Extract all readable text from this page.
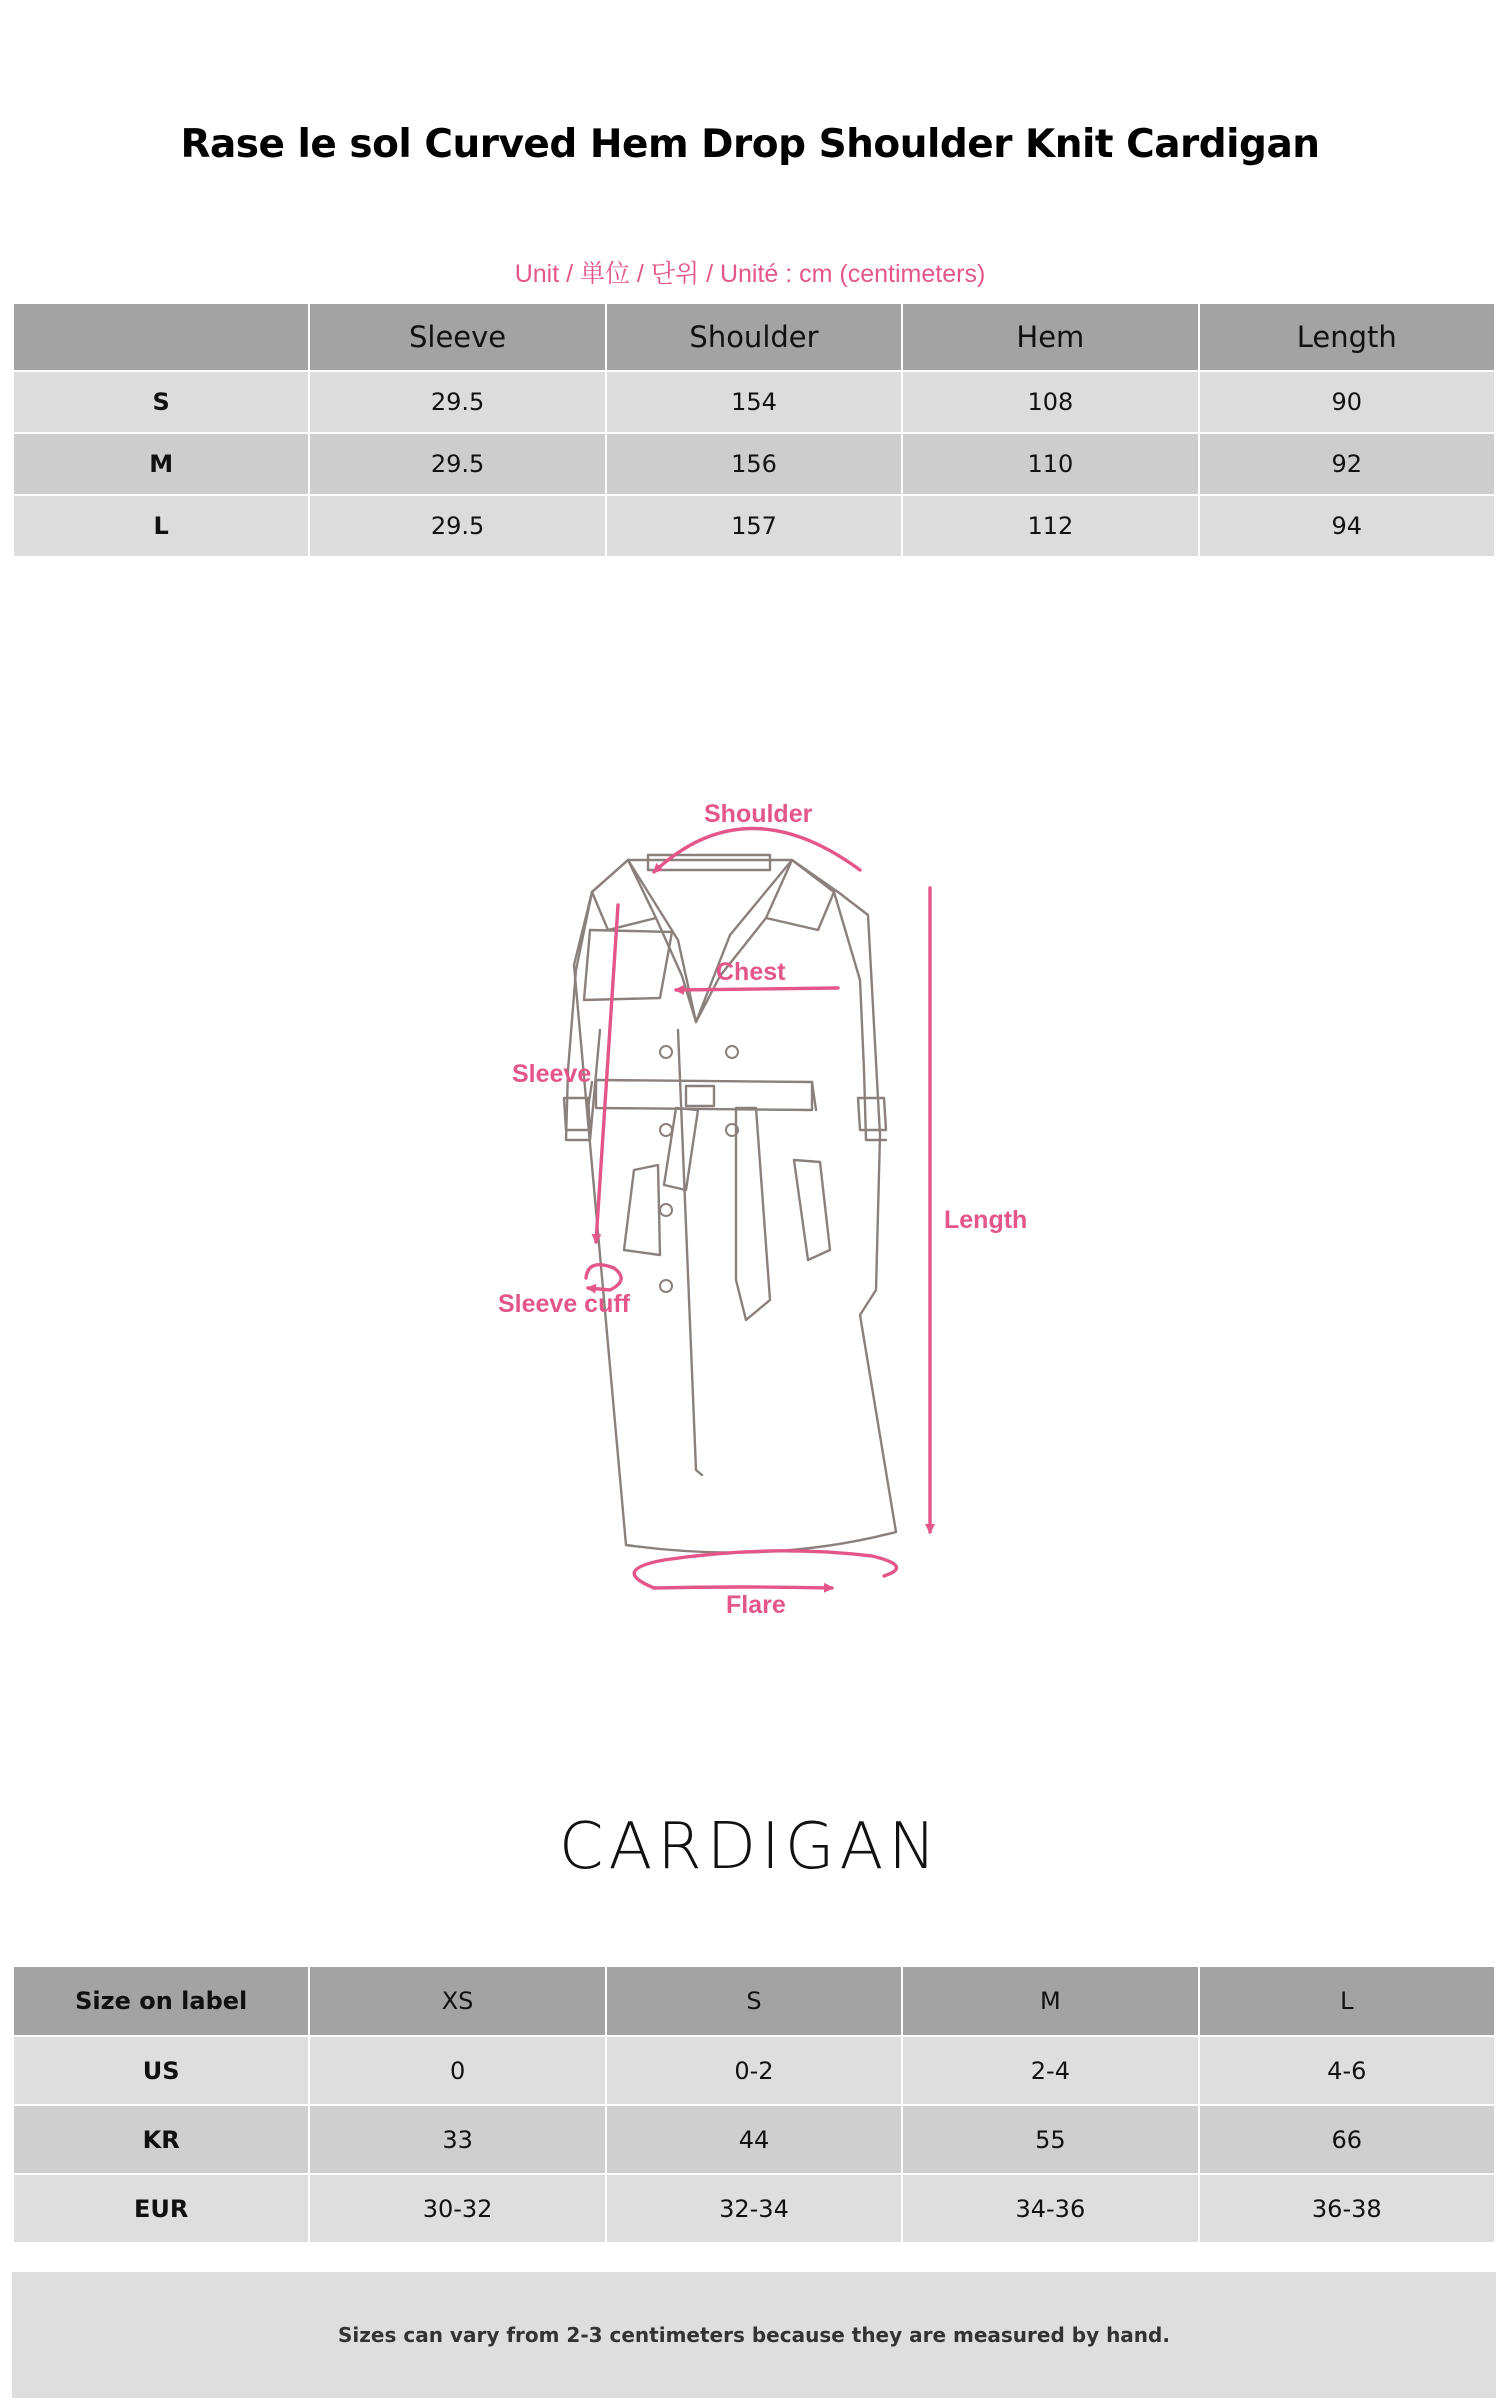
Rase le sol Curved Hem Drop Shoulder Knit Cardigan
Unit / 単位 / 단위 / Unité : cm (centimeters)
	Sleeve	Shoulder	Hem	Length
S	29.5	154	108	90
M	29.5	156	110	92
L	29.5	157	112	94
Shoulder
Chest
Sleeve
Sleeve cuff
Length
Flare
CARDIGAN
Size on label	XS	S	M	L
US	0	0-2	2-4	4-6
KR	33	44	55	66
EUR	30-32	32-34	34-36	36-38
Sizes can vary from 2-3 centimeters because they are measured by hand.
